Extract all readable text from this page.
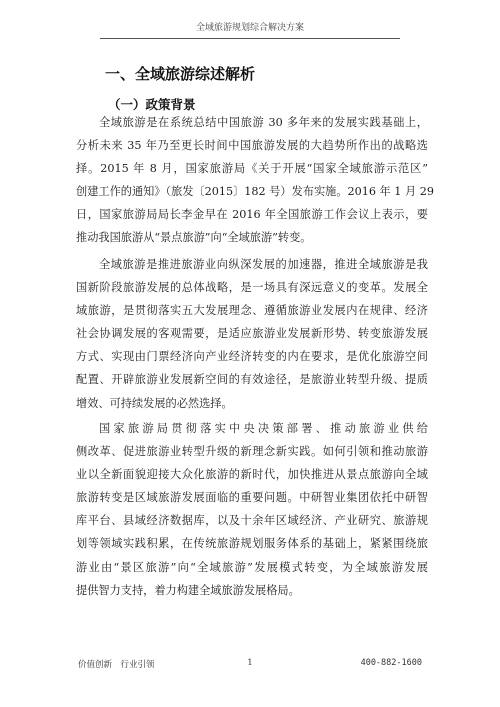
全域旅游规划综合解决方案
一、全域旅游综述解析
（一）政策背景

全域旅游是在系统总结中国旅游 30 多年来的发展实践基础上，

分析未来 35 年乃至更长时间中国旅游发展的大趋势所作出的战略选

择。2015 年 8 月，国家旅游局《关于开展“国家全域旅游示范区”

创建工作的通知》（旅发〔2015〕182 号）发布实施。2016 年 1 月 29

日，国家旅游局局长李金早在 2016 年全国旅游工作会议上表示，要

推动我国旅游从“景点旅游”向“全域旅游”转变。

全域旅游是推进旅游业向纵深发展的加速器，推进全域旅游是我

国新阶段旅游发展的总体战略，是一场具有深远意义的变革。发展全

域旅游，是贯彻落实五大发展理念、遵循旅游业发展内在规律、经济

社会协调发展的客观需要，是适应旅游业发展新形势、转变旅游发展

方式、实现由门票经济向产业经济转变的内在要求，是优化旅游空间

配置、开辟旅游业发展新空间的有效途径，是旅游业转型升级、提质

增效、可持续发展的必然选择。

国家旅游局贯彻落实中央决策部署、推动旅游业供给

侧改革、促进旅游业转型升级的新理念新实践。如何引领和推动旅游

业以全新面貌迎接大众化旅游的新时代，加快推进从景点旅游向全域

旅游转变是区域旅游发展面临的重要问题。中研智业集团依托中研智

库平台、县域经济数据库，以及十余年区域经济、产业研究、旅游规

划等领域实践积累，在传统旅游规划服务体系的基础上，紧紧围绕旅

游业由“景区旅游”向“全域旅游”发展模式转变，为全域旅游发展

提供智力支持，着力构建全域旅游发展格局。

价值创新　行业引领	1	400-882-1600
